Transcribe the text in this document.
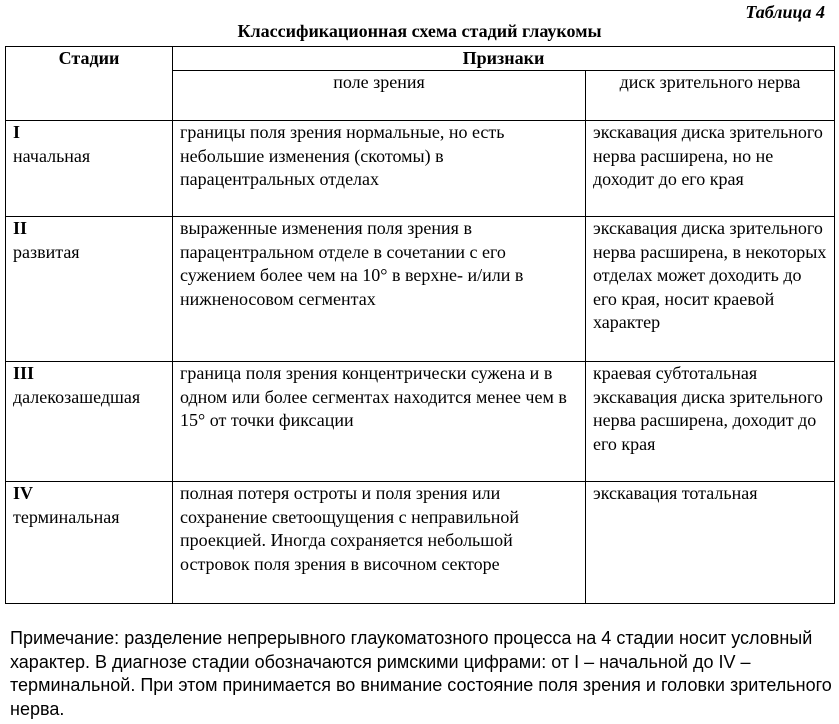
Таблица 4
Классификационная схема стадий глаукомы
Стадии	Признаки	
	поле зрения	диск зрительного нерва

I
начальная	границы поля зрения нормальные, но есть небольшие изменения (скотомы) в парацентральных отделах	экскавация диска зрительного нерва расширена, но не доходит до его края

II
развитая	выраженные изменения поля зрения в парацентральном отделе в сочетании с его сужением более чем на 10° в верхне- и/или в нижненосовом сегментах	экскавация диска зрительного нерва расширена, в некоторых отделах может доходить до его края, носит краевой характер

III
далекозашедшая	граница поля зрения концентрически сужена и в одном или более сегментах находится менее чем в 15° от точки фиксации	краевая субтотальная экскавация диска зрительного нерва расширена, доходит до его края

IV
терминальная	полная потеря остроты и поля зрения или сохранение светоощущения с неправильной проекцией. Иногда сохраняется небольшой островок поля зрения в височном секторе	экскавация тотальная
Примечание: разделение непрерывного глаукоматозного процесса на 4 стадии носит условный характер. В диагнозе стадии обозначаются римскими цифрами: от I – начальной до IV – терминальной. При этом принимается во внимание состояние поля зрения и головки зрительного нерва.
